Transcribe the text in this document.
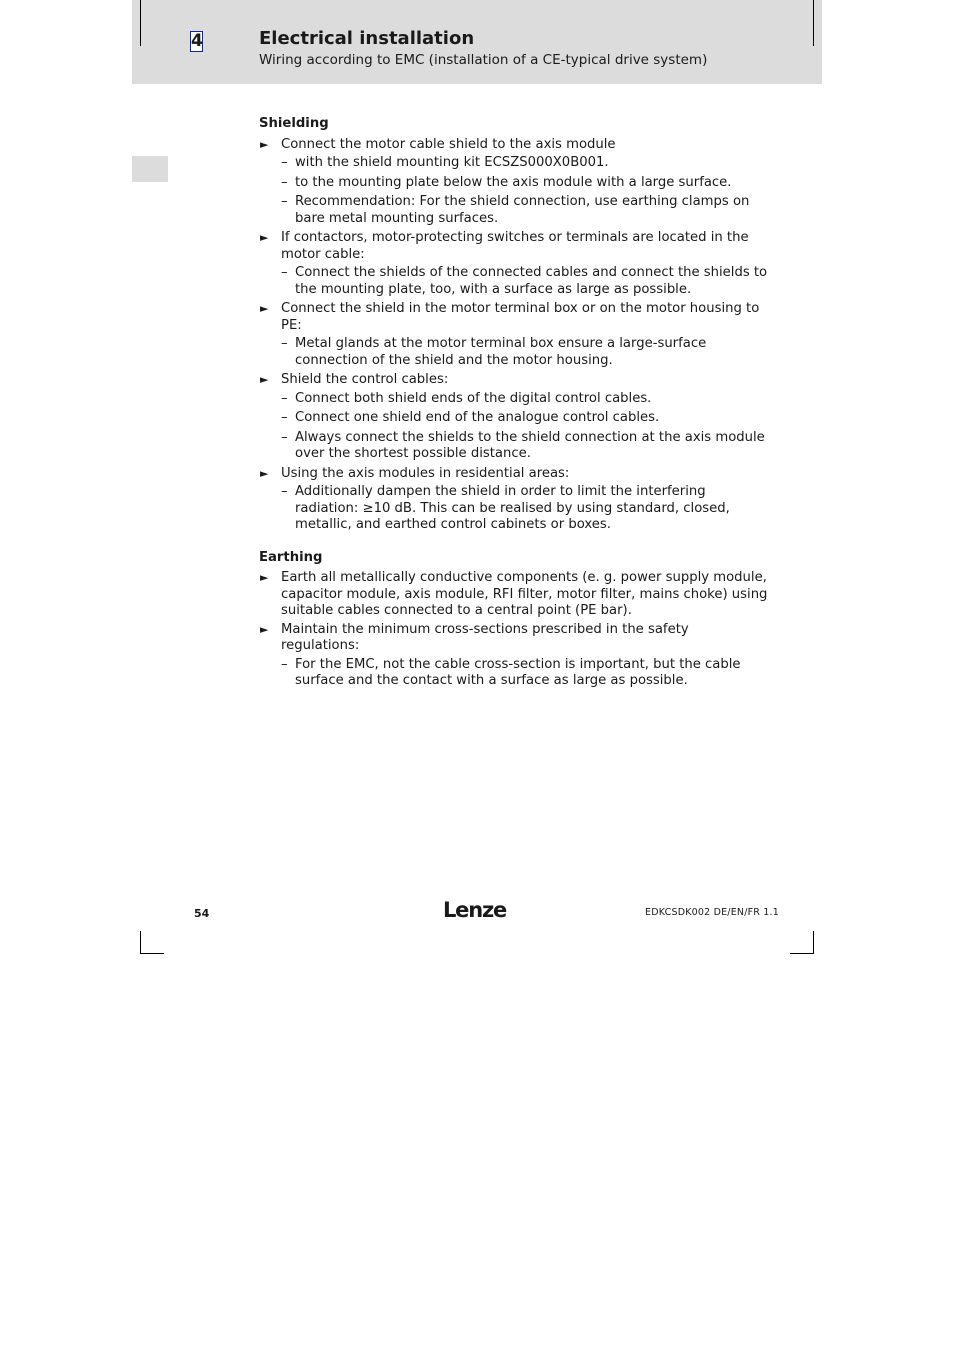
4	Electrical installation

Wiring according to EMC (installation of a CE-typical drive system)

Shielding
► Connect the motor cable shield to the axis module
– with the shield mounting kit ECSZS000X0B001.
– to the mounting plate below the axis module with a large surface.
– Recommendation: For the shield connection, use earthing clamps on bare metal mounting surfaces.
► If contactors, motor-protecting switches or terminals are located in the motor cable:
– Connect the shields of the connected cables and connect the shields to the mounting plate, too, with a surface as large as possible.
► Connect the shield in the motor terminal box or on the motor housing to PE:
– Metal glands at the motor terminal box ensure a large-surface connection of the shield and the motor housing.
► Shield the control cables:
– Connect both shield ends of the digital control cables.
– Connect one shield end of the analogue control cables.
– Always connect the shields to the shield connection at the axis module over the shortest possible distance.
► Using the axis modules in residential areas:
– Additionally dampen the shield in order to limit the interfering radiation: ≥10 dB. This can be realised by using standard, closed, metallic, and earthed control cabinets or boxes.
Earthing
► Earth all metallically conductive components (e. g. power supply module, capacitor module, axis module, RFI filter, motor filter, mains choke) using suitable cables connected to a central point (PE bar).
► Maintain the minimum cross-sections prescribed in the safety regulations:
– For the EMC, not the cable cross-section is important, but the cable surface and the contact with a surface as large as possible.
54	Lenze	EDKCSDK002 DE/EN/FR 1.1
